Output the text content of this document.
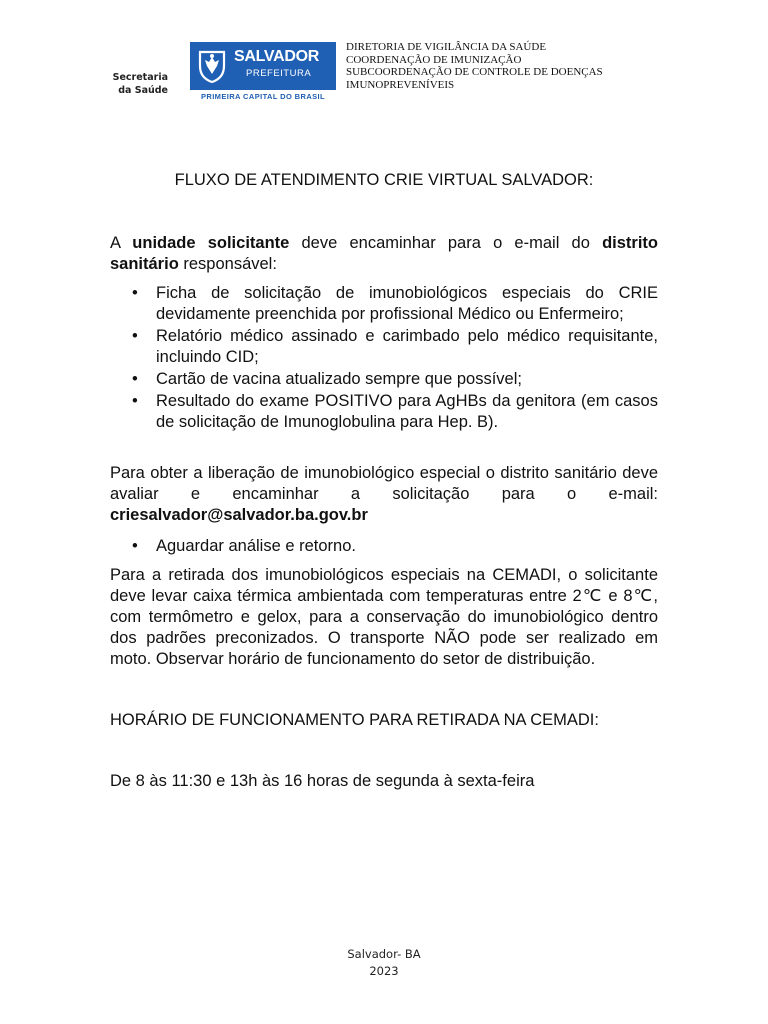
Secretaria
da Saúde
SALVADOR
PREFEITURA
PRIMEIRA CAPITAL DO BRASIL
DIRETORIA DE VIGILÂNCIA DA SAÚDE
COORDENAÇÃO DE IMUNIZAÇÃO
SUBCOORDENAÇÃO DE CONTROLE DE DOENÇAS
IMUNOPREVENÍVEIS
FLUXO DE ATENDIMENTO CRIE VIRTUAL SALVADOR:

A unidade solicitante deve encaminhar para o e-mail do distrito sanitário responsável:

• Ficha de solicitação de imunobiológicos especiais do CRIE devidamente preenchida por profissional Médico ou Enfermeiro;
• Relatório médico assinado e carimbado pelo médico requisitante, incluindo CID;
• Cartão de vacina atualizado sempre que possível;
• Resultado do exame POSITIVO para AgHBs da genitora (em casos de solicitação de Imunoglobulina para Hep. B).

Para obter a liberação de imunobiológico especial o distrito sanitário deve avaliar e encaminhar a solicitação para o e-mail: criesalvador@salvador.ba.gov.br

• Aguardar análise e retorno.

Para a retirada dos imunobiológicos especiais na CEMADI, o solicitante deve levar caixa térmica ambientada com temperaturas entre 2℃ e 8℃, com termômetro e gelox, para a conservação do imunobiológico dentro dos padrões preconizados. O transporte NÃO pode ser realizado em moto. Observar horário de funcionamento do setor de distribuição.

HORÁRIO DE FUNCIONAMENTO PARA RETIRADA NA CEMADI:

De 8 às 11:30 e 13h às 16 horas de segunda à sexta-feira

Salvador- BA
2023
